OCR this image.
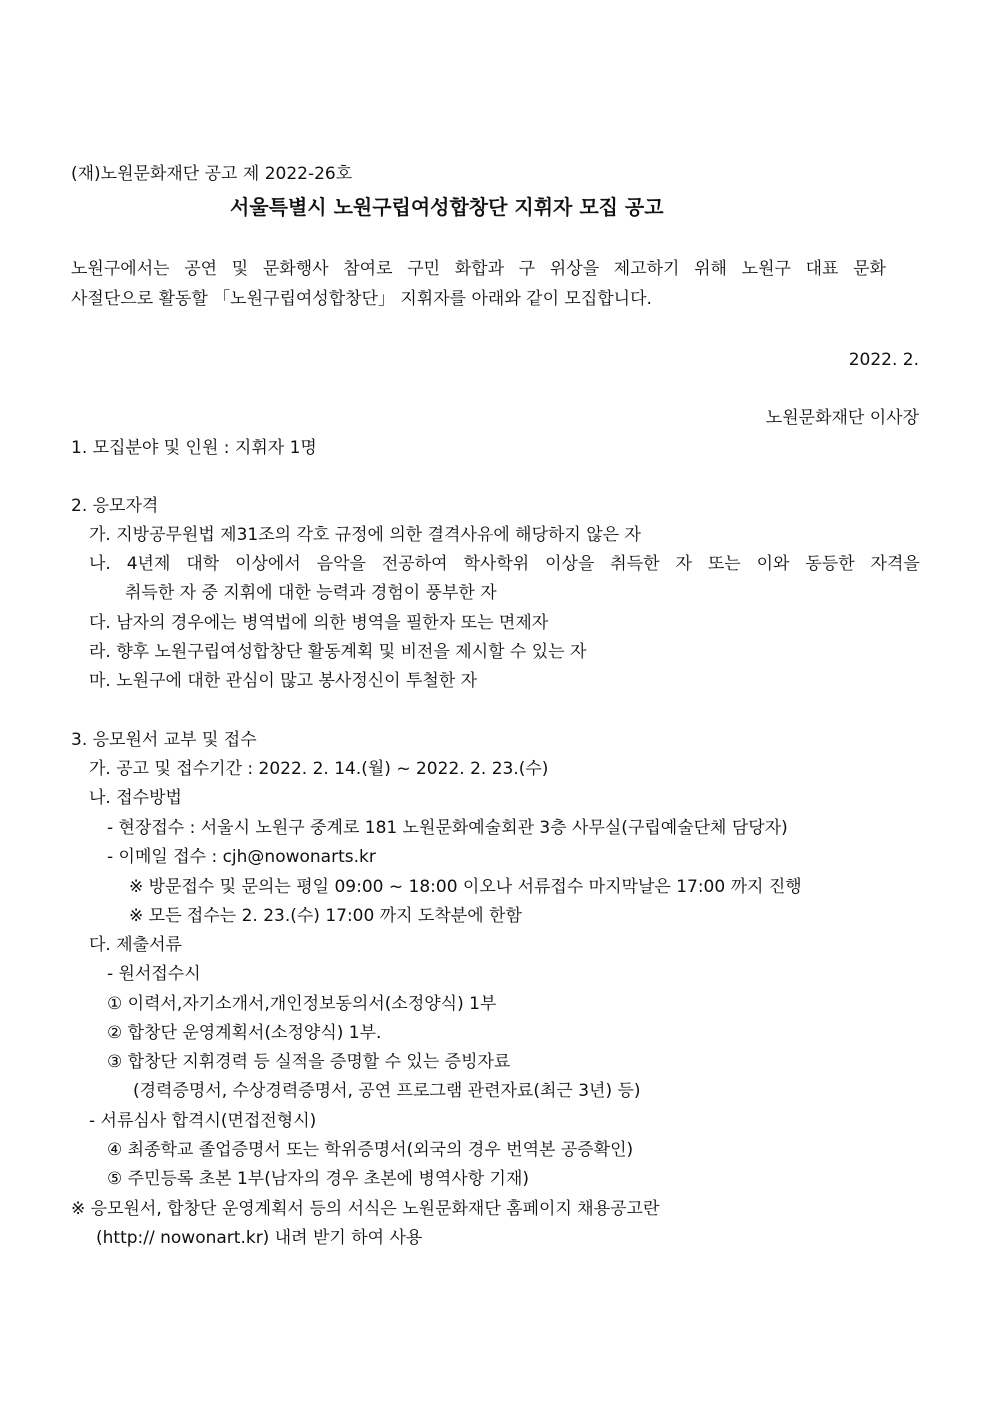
(재)노원문화재단 공고 제 2022-26호
서울특별시 노원구립여성합창단 지휘자 모집 공고
노원구에서는 공연 및 문화행사 참여로 구민 화합과 구 위상을 제고하기 위해 노원구 대표 문화
사절단으로 활동할 「노원구립여성합창단」 지휘자를 아래와 같이 모집합니다.
2022. 2.
노원문화재단 이사장
1. 모집분야 및 인원 : 지휘자 1명
2. 응모자격
가. 지방공무원법 제31조의 각호 규정에 의한 결격사유에 해당하지 않은 자
나. 4년제 대학 이상에서 음악을 전공하여 학사학위 이상을 취득한 자 또는 이와 동등한 자격을
취득한 자 중 지휘에 대한 능력과 경험이 풍부한 자
다. 남자의 경우에는 병역법에 의한 병역을 필한자 또는 면제자
라. 향후 노원구립여성합창단 활동계획 및 비전을 제시할 수 있는 자
마. 노원구에 대한 관심이 많고 봉사정신이 투철한 자
3. 응모원서 교부 및 접수
가. 공고 및 접수기간 : 2022. 2. 14.(월) ~ 2022. 2. 23.(수)
나. 접수방법
- 현장접수 : 서울시 노원구 중계로 181 노원문화예술회관 3층 사무실(구립예술단체 담당자)
- 이메일 접수 : cjh@nowonarts.kr
※ 방문접수 및 문의는 평일 09:00 ~ 18:00 이오나 서류접수 마지막날은 17:00 까지 진행
※ 모든 접수는 2. 23.(수) 17:00 까지 도착분에 한함
다. 제출서류
- 원서접수시
① 이력서,자기소개서,개인정보동의서(소정양식) 1부
② 합창단 운영계획서(소정양식) 1부.
③ 합창단 지휘경력 등 실적을 증명할 수 있는 증빙자료
(경력증명서, 수상경력증명서, 공연 프로그램 관련자료(최근 3년) 등)
- 서류심사 합격시(면접전형시)
④ 최종학교 졸업증명서 또는 학위증명서(외국의 경우 번역본 공증확인)
⑤ 주민등록 초본 1부(남자의 경우 초본에 병역사항 기재)
※ 응모원서, 합창단 운영계획서 등의 서식은 노원문화재단 홈페이지 채용공고란
(http:// nowonart.kr) 내려 받기 하여 사용
